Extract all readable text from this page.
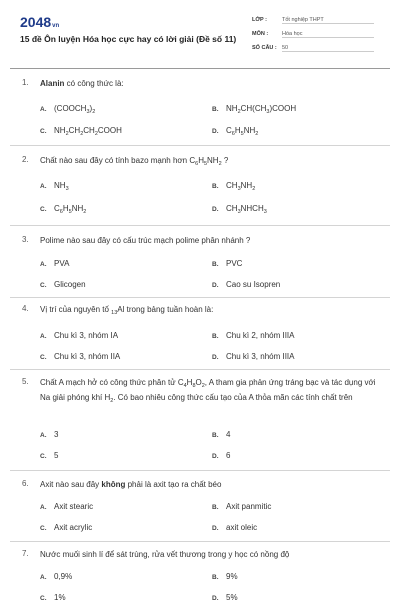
2048vn
15 đề Ôn luyện Hóa học cực hay có lời giải (Đề số 11)
LỚP :	Tốt nghiệp THPT
MÔN :	Hóa học
SỐ CÂU : 50
1.	Alanin có công thức là:
A. $(COOCH_3)_2$	B. $NH_2CH(CH_3)COOH$
C. $NH_2CH_2CH_2COOH$	D. $C_6H_5NH_2$
2.	Chất nào sau đây có tính bazo mạnh hơn $C_6H_5NH_2$ ?
A. $NH_3$	B. $CH_3NH_2$
C. $C_6H_5NH_2$	D. $CH_3NHCH_3$
3.	Polime nào sau đây có cấu trúc mạch polime phân nhánh ?
A. PVA	B. PVC
C. Glicogen	D. Cao su Isopren
4.	Vị trí của nguyên tố $_{13}$Al trong bảng tuần hoàn là:
A. Chu kì 3, nhóm IA	B. Chu kì 2, nhóm IIIA
C. Chu kì 3, nhóm IIA	D. Chu kì 3, nhóm IIIA
5.	Chất A mạch hở có công thức phân tử $C_4H_8O_2$, A tham gia phản ứng tráng bạc và tác dụng với Na giải phóng khí $H_2$. Có bao nhiêu công thức cấu tạo của A thỏa mãn các tính chất trên
A. 3	B. 4
C. 5	D. 6
6.	Axit nào sau đây không phải là axit tạo ra chất béo
A. Axit stearic	B. Axit panmitic
C. Axit acrylic	D. axit oleic
7.	Nước muối sinh lí để sát trùng, rửa vết thương trong y học có nồng độ
A. 0,9%	B. 9%
C. 1%	D. 5%
